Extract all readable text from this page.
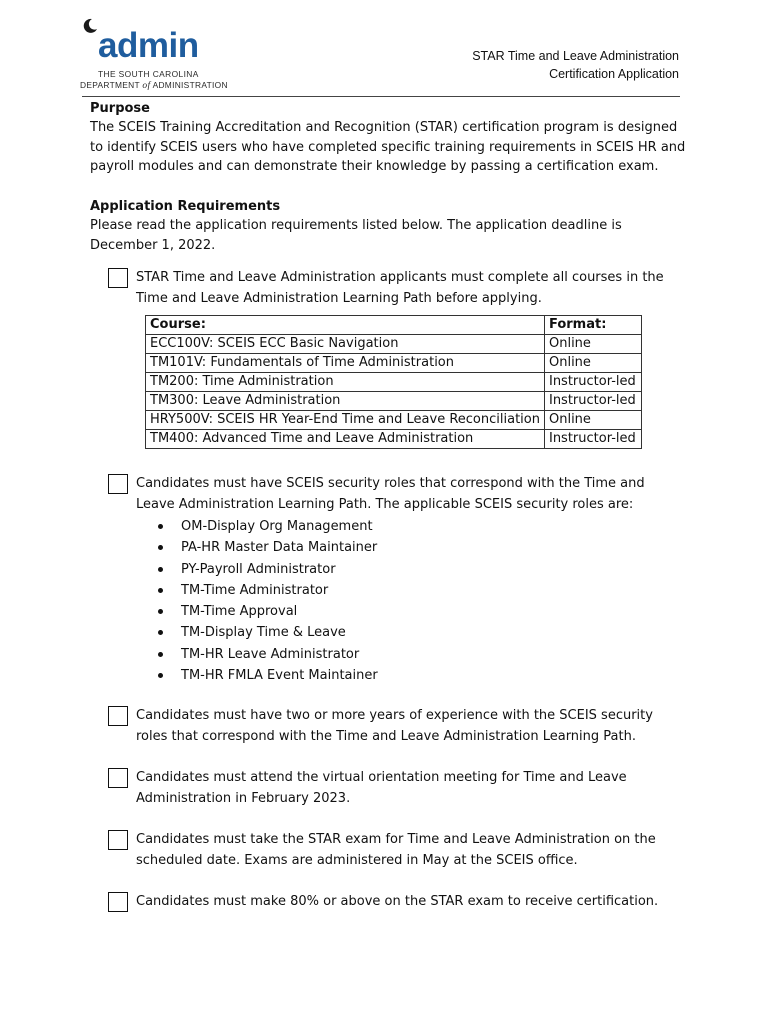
admin
THE SOUTH CAROLINA
DEPARTMENT of ADMINISTRATION
STAR Time and Leave Administration
Certification Application
Purpose

The SCEIS Training Accreditation and Recognition (STAR) certification program is designed to identify SCEIS users who have completed specific training requirements in SCEIS HR and payroll modules and can demonstrate their knowledge by passing a certification exam.

Application Requirements

Please read the application requirements listed below. The application deadline is December 1, 2022.

STAR Time and Leave Administration applicants must complete all courses in the Time and Leave Administration Learning Path before applying.
Course:	Format:
ECC100V: SCEIS ECC Basic Navigation	Online
TM101V: Fundamentals of Time Administration	Online
TM200: Time Administration	Instructor-led
TM300: Leave Administration	Instructor-led
HRY500V: SCEIS HR Year-End Time and Leave Reconciliation	Online
TM400: Advanced Time and Leave Administration	Instructor-led
Candidates must have SCEIS security roles that correspond with the Time and Leave Administration Learning Path. The applicable SCEIS security roles are:
OM-Display Org Management
PA-HR Master Data Maintainer
PY-Payroll Administrator
TM-Time Administrator
TM-Time Approval
TM-Display Time & Leave
TM-HR Leave Administrator
TM-HR FMLA Event Maintainer
Candidates must have two or more years of experience with the SCEIS security roles that correspond with the Time and Leave Administration Learning Path.
Candidates must attend the virtual orientation meeting for Time and Leave Administration in February 2023.
Candidates must take the STAR exam for Time and Leave Administration on the scheduled date. Exams are administered in May at the SCEIS office.
Candidates must make 80% or above on the STAR exam to receive certification.
